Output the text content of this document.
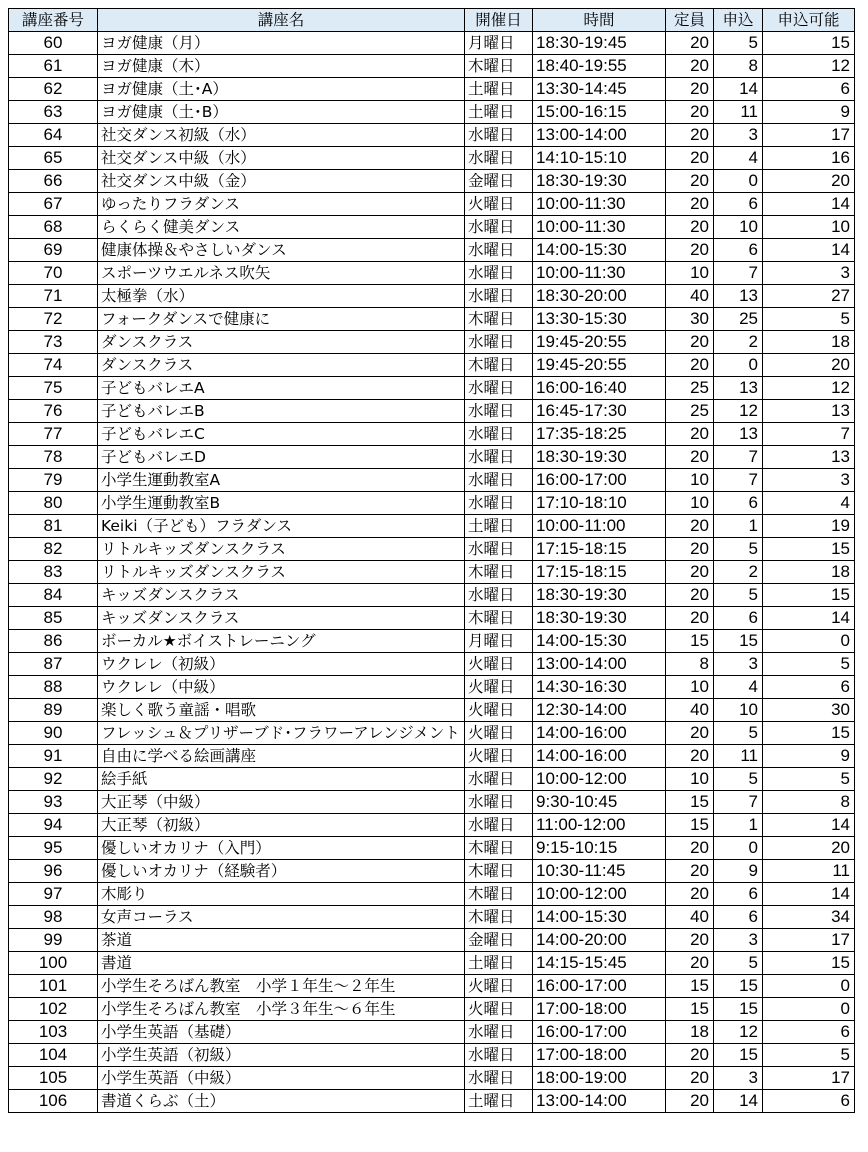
講座番号	講座名	開催日	時間	定員	申込	申込可能
60	ヨガ健康（月）	月曜日	18:30-19:45	20	5	15
61	ヨガ健康（木）	木曜日	18:40-19:55	20	8	12
62	ヨガ健康（土･A）	土曜日	13:30-14:45	20	14	6
63	ヨガ健康（土･B）	土曜日	15:00-16:15	20	11	9
64	社交ダンス初級（水）	水曜日	13:00-14:00	20	3	17
65	社交ダンス中級（水）	水曜日	14:10-15:10	20	4	16
66	社交ダンス中級（金）	金曜日	18:30-19:30	20	0	20
67	ゆったりフラダンス	火曜日	10:00-11:30	20	6	14
68	らくらく健美ダンス	水曜日	10:00-11:30	20	10	10
69	健康体操＆やさしいダンス	水曜日	14:00-15:30	20	6	14
70	スポーツウエルネス吹矢	水曜日	10:00-11:30	10	7	3
71	太極拳（水）	水曜日	18:30-20:00	40	13	27
72	フォークダンスで健康に	木曜日	13:30-15:30	30	25	5
73	ダンスクラス	水曜日	19:45-20:55	20	2	18
74	ダンスクラス	木曜日	19:45-20:55	20	0	20
75	子どもバレエA	水曜日	16:00-16:40	25	13	12
76	子どもバレエB	水曜日	16:45-17:30	25	12	13
77	子どもバレエC	水曜日	17:35-18:25	20	13	7
78	子どもバレエD	水曜日	18:30-19:30	20	7	13
79	小学生運動教室A	水曜日	16:00-17:00	10	7	3
80	小学生運動教室B	水曜日	17:10-18:10	10	6	4
81	Keiki（子ども）フラダンス	土曜日	10:00-11:00	20	1	19
82	リトルキッズダンスクラス	水曜日	17:15-18:15	20	5	15
83	リトルキッズダンスクラス	木曜日	17:15-18:15	20	2	18
84	キッズダンスクラス	水曜日	18:30-19:30	20	5	15
85	キッズダンスクラス	木曜日	18:30-19:30	20	6	14
86	ボーカル★ボイストレーニング	月曜日	14:00-15:30	15	15	0
87	ウクレレ（初級）	火曜日	13:00-14:00	8	3	5
88	ウクレレ（中級）	火曜日	14:30-16:30	10	4	6
89	楽しく歌う童謡・唱歌	火曜日	12:30-14:00	40	10	30
90	フレッシュ＆プリザーブド･フラワーアレンジメント	火曜日	14:00-16:00	20	5	15
91	自由に学べる絵画講座	火曜日	14:00-16:00	20	11	9
92	絵手紙	水曜日	10:00-12:00	10	5	5
93	大正琴（中級）	水曜日	9:30-10:45	15	7	8
94	大正琴（初級）	水曜日	11:00-12:00	15	1	14
95	優しいオカリナ（入門）	木曜日	9:15-10:15	20	0	20
96	優しいオカリナ（経験者）	木曜日	10:30-11:45	20	9	11
97	木彫り	木曜日	10:00-12:00	20	6	14
98	女声コーラス	木曜日	14:00-15:30	40	6	34
99	茶道	金曜日	14:00-20:00	20	3	17
100	書道	土曜日	14:15-15:45	20	5	15
101	小学生そろばん教室　小学１年生～２年生	火曜日	16:00-17:00	15	15	0
102	小学生そろばん教室　小学３年生～６年生	火曜日	17:00-18:00	15	15	0
103	小学生英語（基礎）	水曜日	16:00-17:00	18	12	6
104	小学生英語（初級）	水曜日	17:00-18:00	20	15	5
105	小学生英語（中級）	水曜日	18:00-19:00	20	3	17
106	書道くらぶ（土）	土曜日	13:00-14:00	20	14	6
